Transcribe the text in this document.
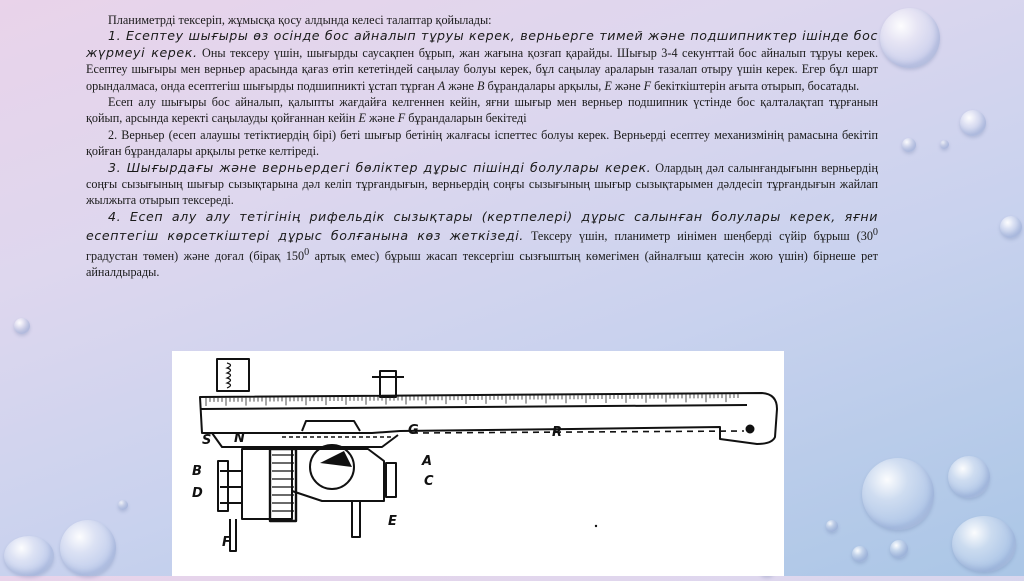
Планиметрді тексеріп, жұмысқа қосу алдында келесі талаптар қойылады:

1. Есептеу шығыры өз осінде бос айналып тұруы керек, верньерге тимей және подшипниктер ішінде бос жүрмеуі керек. Оны тексеру үшін, шығырды саусақпен бұрып, жан жағына қозғап қарайды. Шығыр 3-4 секунттай бос айналып тұруы керек. Есептеу шығыры мен верньер арасында қағаз өтіп кететіндей саңылау болуы керек, бұл саңылау араларын тазалап отыру үшін керек. Егер бұл шарт орындалмаса, онда есептегіш шығырды подшипникті ұстап тұрған А және В бұрандалары арқылы, Е және F бекіткіштерін ағыта отырып, босатады.

Есеп алу шығыры бос айналып, қалыпты жағдайға келгеннен кейін, яғни шығыр мен верньер подшипник үстінде бос қалталақтап тұрғанын қойып, арсында керекті саңылауды қойғаннан кейін Е және F бұрандаларын бекітеді

2. Верньер (есеп алаушы тетіктиердің бірі) беті шығыр бетінің жалғасы іспеттес болуы керек. Верньерді есептеу механизмінің рамасына бекітіп қойған бұрандалары арқылы ретке келтіреді.

3. Шығырдағы және верньердегі бөліктер дұрыс пішінді болулары керек. Олардың дәл салынғандығынн верньердің соңғы сызығының шығыр сызықтарына дәл келіп тұрғандығын, верньердің соңғы сызығының шығыр сызықтарымен дәлдесіп тұрғандығын жайлап жылжыта отырып тексереді.

4. Есеп алу алу тетігінің рифельдік сызықтары (кертпелері) дұрыс салынған болулары керек, яғни есептегіш көрсеткіштері дұрыс болғанына көз жеткізеді. Тексеру үшін, планиметр иінімен шеңберді сүйір бұрыш ($30^0$ градустан төмен) және доғал (бірақ $150^0$ артық емес) бұрыш жасап тексергіш сызғыштың көмегімен (айналғыш қатесін жою үшін) бірнеше рет айналдырады.

S N
G	R
B
D
A
C
E
F
